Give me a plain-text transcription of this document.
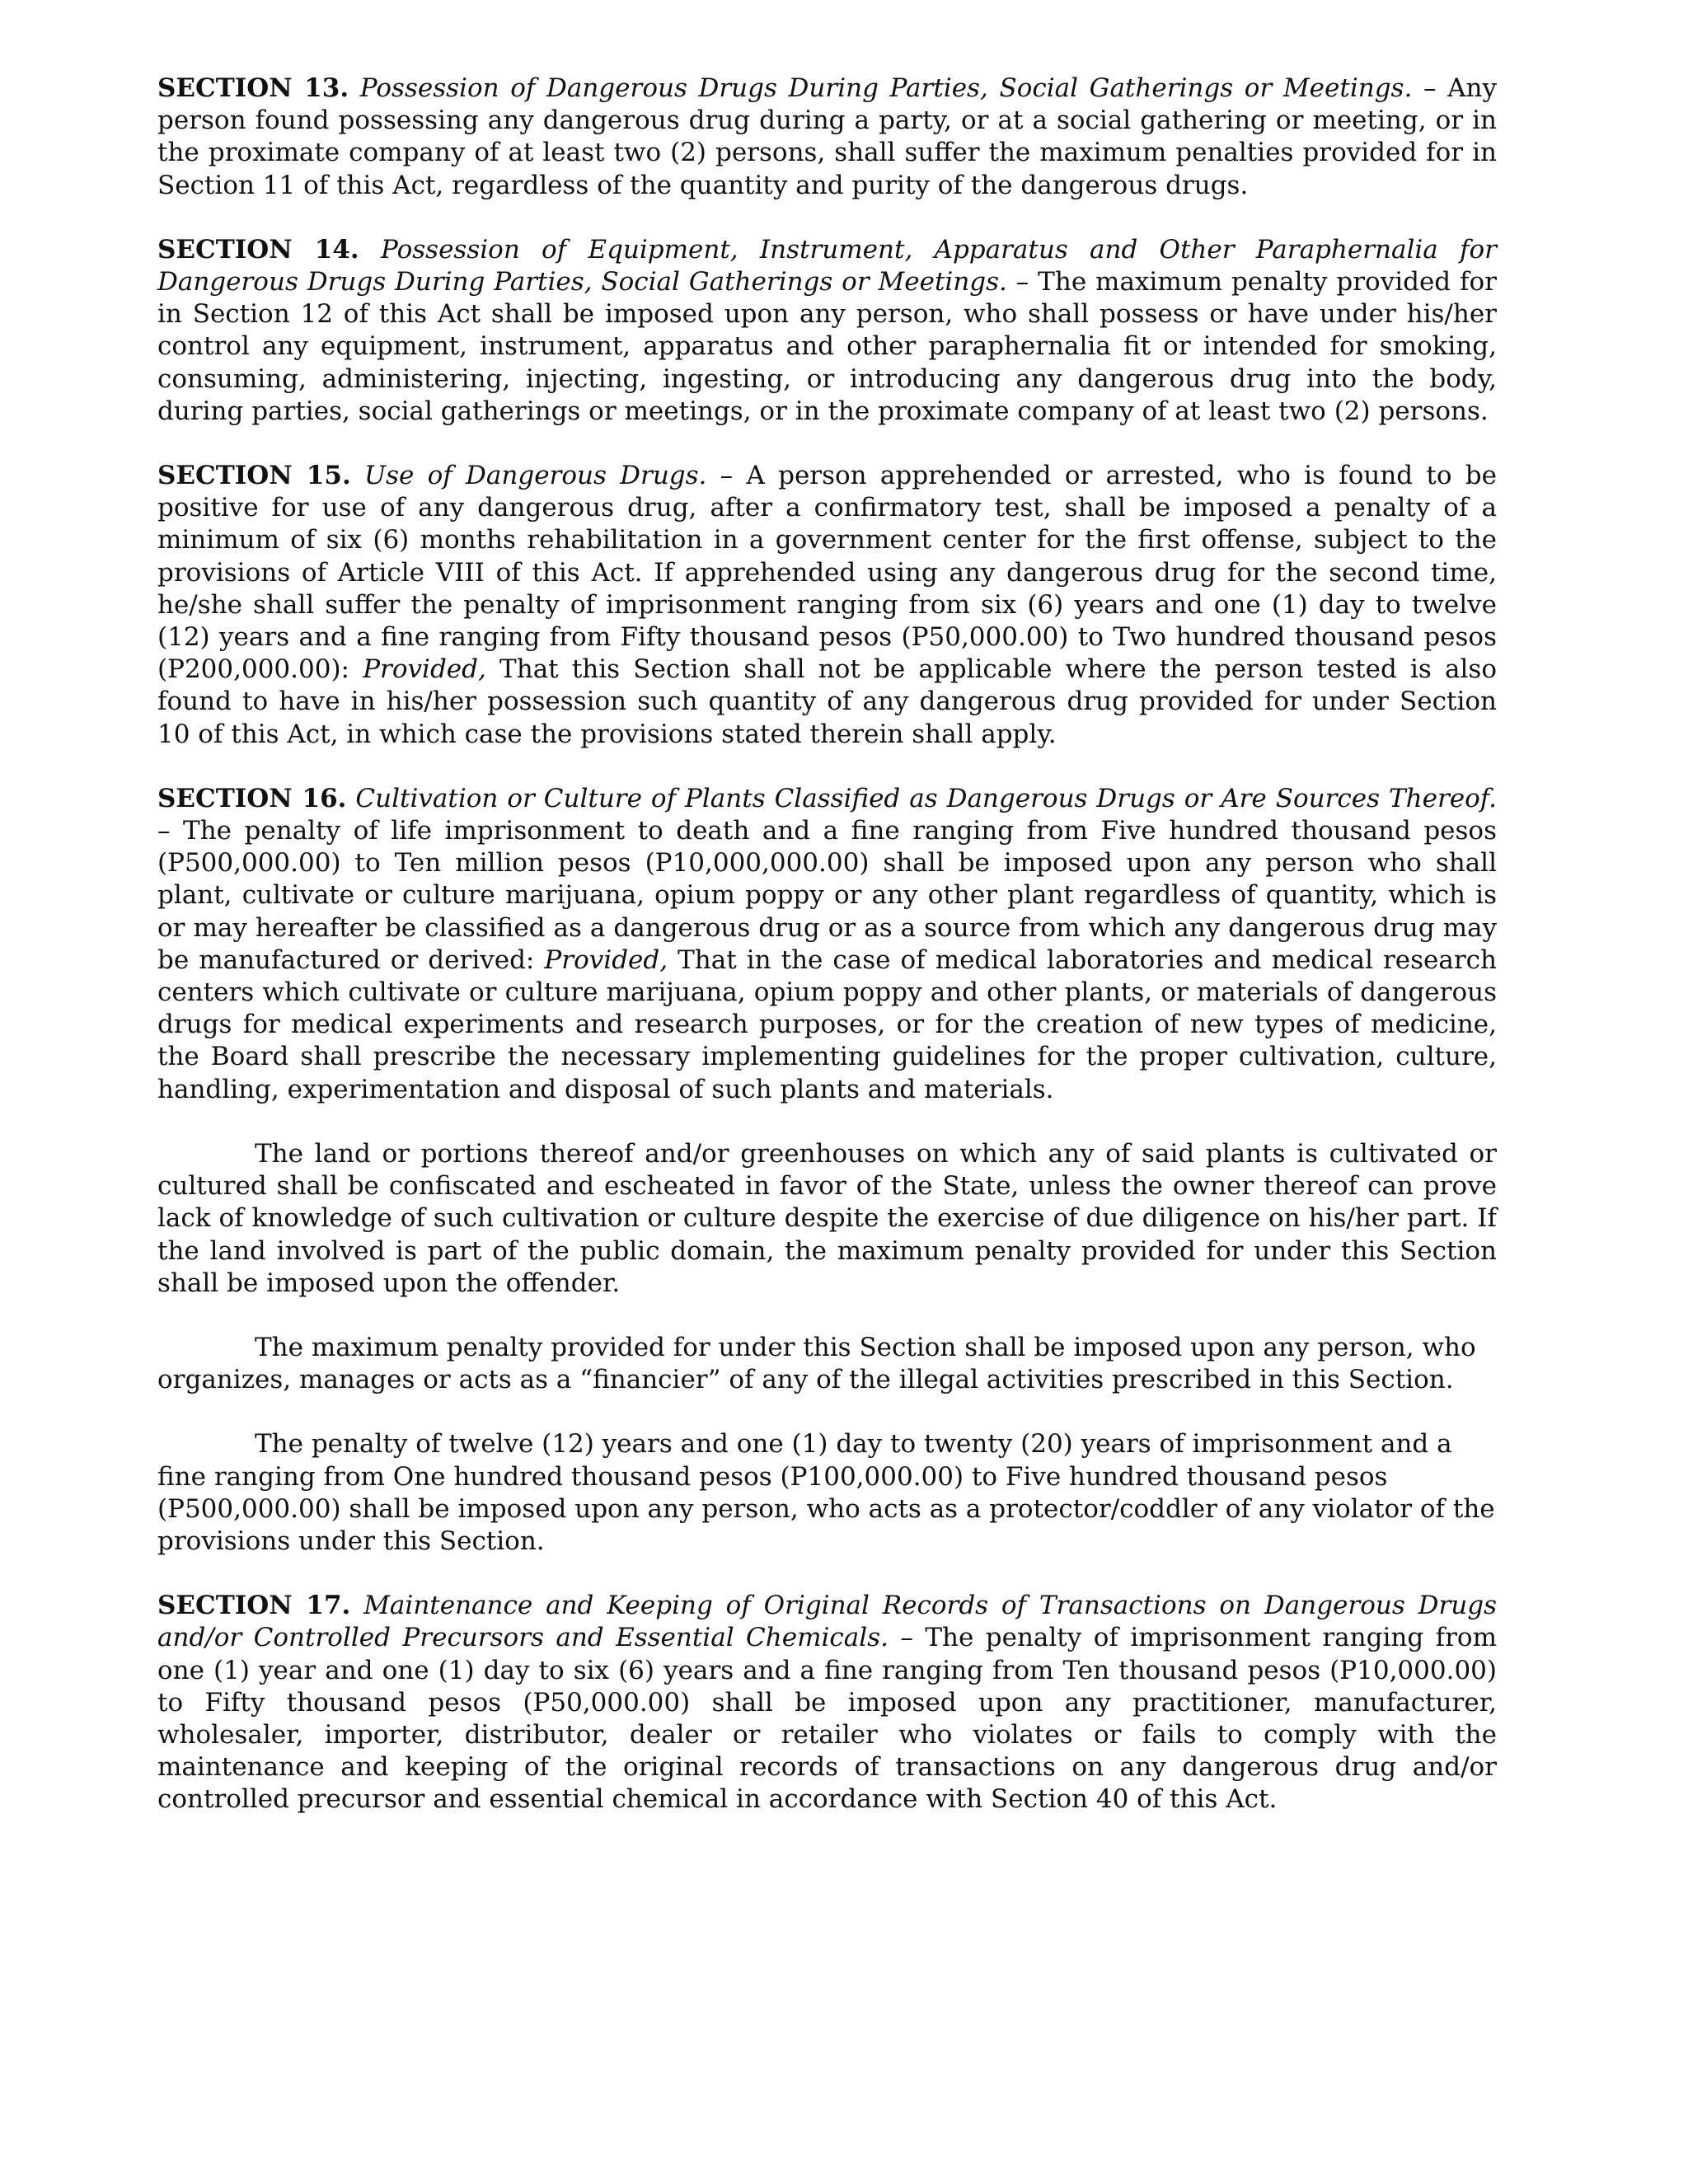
SECTION 13. Possession of Dangerous Drugs During Parties, Social Gatherings or Meetings. – Any person found possessing any dangerous drug during a party, or at a social gathering or meeting, or in the proximate company of at least two (2) persons, shall suffer the maximum penalties provided for in Section 11 of this Act, regardless of the quantity and purity of the dangerous drugs.

SECTION 14. Possession of Equipment, Instrument, Apparatus and Other Paraphernalia for Dangerous Drugs During Parties, Social Gatherings or Meetings. – The maximum penalty provided for in Section 12 of this Act shall be imposed upon any person, who shall possess or have under his/her control any equipment, instrument, apparatus and other paraphernalia fit or intended for smoking, consuming, administering, injecting, ingesting, or introducing any dangerous drug into the body, during parties, social gatherings or meetings, or in the proximate company of at least two (2) persons.

SECTION 15. Use of Dangerous Drugs. – A person apprehended or arrested, who is found to be positive for use of any dangerous drug, after a confirmatory test, shall be imposed a penalty of a minimum of six (6) months rehabilitation in a government center for the first offense, subject to the provisions of Article VIII of this Act. If apprehended using any dangerous drug for the second time, he/she shall suffer the penalty of imprisonment ranging from six (6) years and one (1) day to twelve (12) years and a fine ranging from Fifty thousand pesos (P50,000.00) to Two hundred thousand pesos (P200,000.00): Provided, That this Section shall not be applicable where the person tested is also found to have in his/her possession such quantity of any dangerous drug provided for under Section 10 of this Act, in which case the provisions stated therein shall apply.

SECTION 16. Cultivation or Culture of Plants Classified as Dangerous Drugs or Are Sources Thereof. – The penalty of life imprisonment to death and a fine ranging from Five hundred thousand pesos (P500,000.00) to Ten million pesos (P10,000,000.00) shall be imposed upon any person who shall plant, cultivate or culture marijuana, opium poppy or any other plant regardless of quantity, which is or may hereafter be classified as a dangerous drug or as a source from which any dangerous drug may be manufactured or derived: Provided, That in the case of medical laboratories and medical research centers which cultivate or culture marijuana, opium poppy and other plants, or materials of dangerous drugs for medical experiments and research purposes, or for the creation of new types of medicine, the Board shall prescribe the necessary implementing guidelines for the proper cultivation, culture, handling, experimentation and disposal of such plants and materials.

The land or portions thereof and/or greenhouses on which any of said plants is cultivated or cultured shall be confiscated and escheated in favor of the State, unless the owner thereof can prove lack of knowledge of such cultivation or culture despite the exercise of due diligence on his/her part. If the land involved is part of the public domain, the maximum penalty provided for under this Section shall be imposed upon the offender.

The maximum penalty provided for under this Section shall be imposed upon any person, who organizes, manages or acts as a “financier” of any of the illegal activities prescribed in this Section.

The penalty of twelve (12) years and one (1) day to twenty (20) years of imprisonment and a fine ranging from One hundred thousand pesos (P100,000.00) to Five hundred thousand pesos (P500,000.00) shall be imposed upon any person, who acts as a protector/coddler of any violator of the provisions under this Section.

SECTION 17. Maintenance and Keeping of Original Records of Transactions on Dangerous Drugs and/or Controlled Precursors and Essential Chemicals. – The penalty of imprisonment ranging from one (1) year and one (1) day to six (6) years and a fine ranging from Ten thousand pesos (P10,000.00) to Fifty thousand pesos (P50,000.00) shall be imposed upon any practitioner, manufacturer, wholesaler, importer, distributor, dealer or retailer who violates or fails to comply with the maintenance and keeping of the original records of transactions on any dangerous drug and/or controlled precursor and essential chemical in accordance with Section 40 of this Act.
